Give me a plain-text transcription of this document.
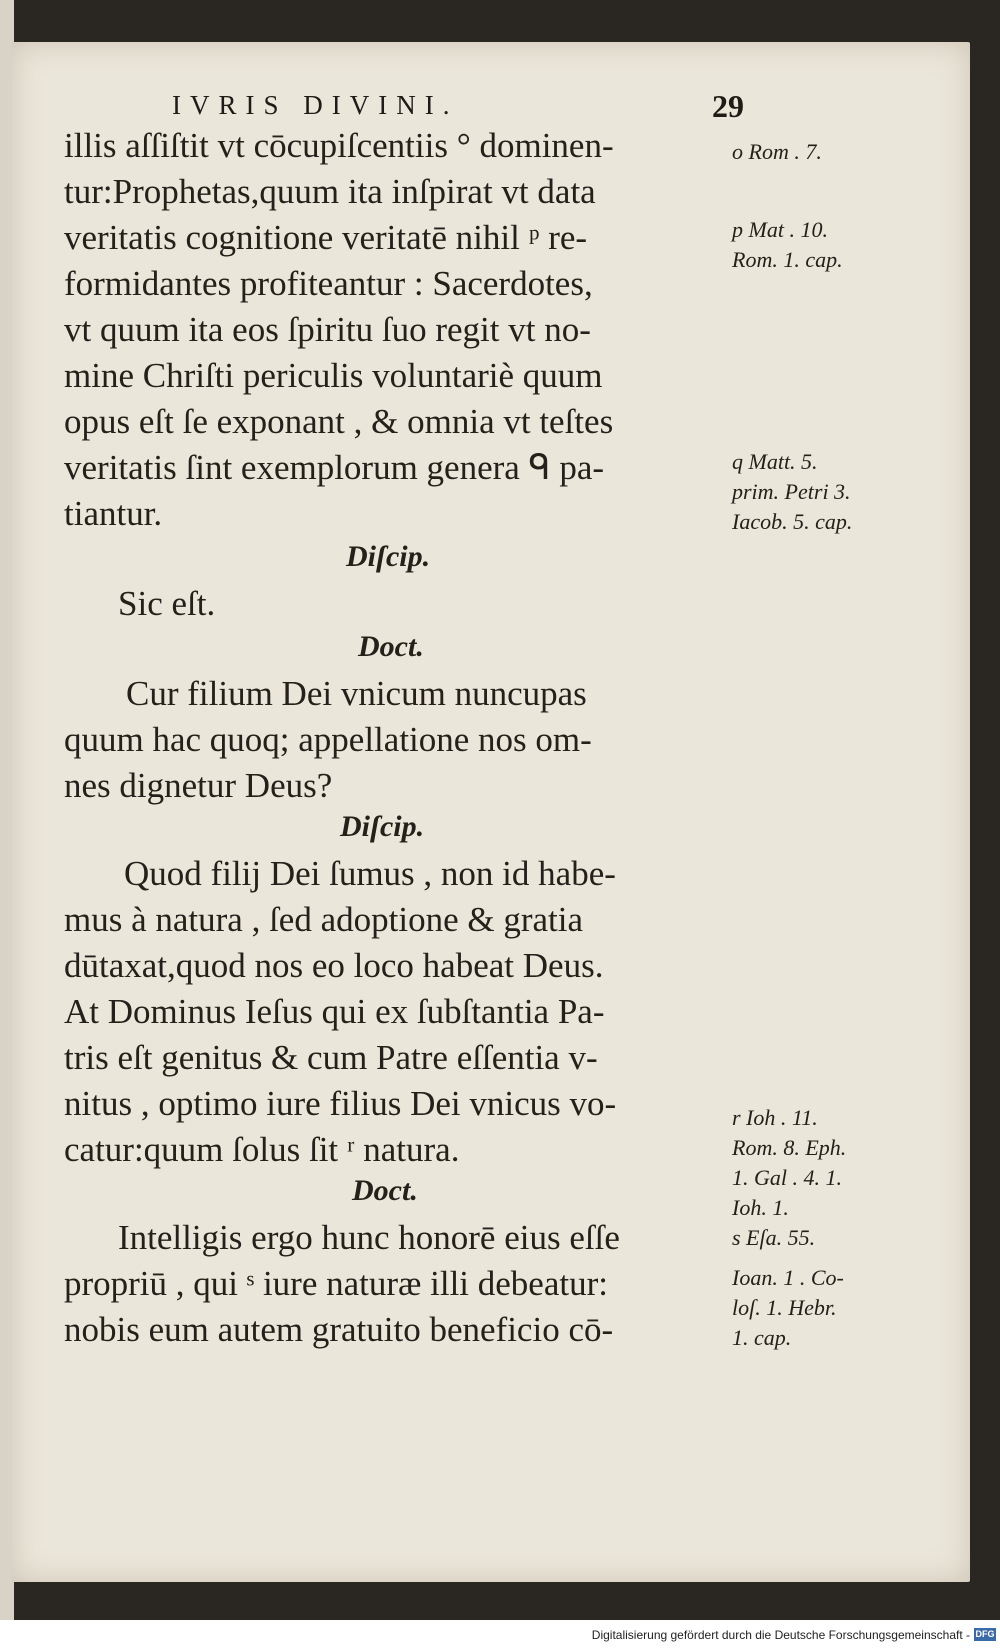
IVRIS DIVINI.	29
illis aſſiſtit vt cōcupiſcentiis ° dominen-
tur:Prophetas,quum ita inſpirat vt data
veritatis cognitione veritatē nihil ᵖ re-
formidantes profiteantur : Sacerdotes,
vt quum ita eos ſpiritu ſuo regit vt no-
mine Chriſti periculis voluntariè quum
opus eſt ſe exponant , & omnia vt teſtes
veritatis ſint exemplorum genera ᑫ pa-
tiantur.
Diſcip.
Sic eſt.
Doct.
Cur filium Dei vnicum nuncupas
quum hac quoq; appellatione nos om-
nes dignetur Deus?
Diſcip.
Quod filij Dei ſumus , non id habe-
mus à natura , ſed adoptione & gratia
dūtaxat,quod nos eo loco habeat Deus.
At Dominus Ieſus qui ex ſubſtantia Pa-
tris eſt genitus & cum Patre eſſentia v-
nitus , optimo iure filius Dei vnicus vo-
catur:quum ſolus ſit ʳ natura.
Doct.
Intelligis ergo hunc honorē eius eſſe
propriū , qui ˢ iure naturæ illi debeatur:
nobis eum autem gratuito beneficio cō-
o Rom . 7.
p Mat . 10.
Rom. 1. cap.
q Matt. 5.
prim. Petri 3.
Iacob. 5. cap.
r Ioh . 11.
Rom. 8. Eph.
1. Gal . 4. 1.
Ioh. 1.
s Eſa. 55.
Ioan. 1 . Co-
loſ. 1. Hebr.
1. cap.
Digitalisierung gefördert durch die Deutsche Forschungsgemeinschaft - DFG
